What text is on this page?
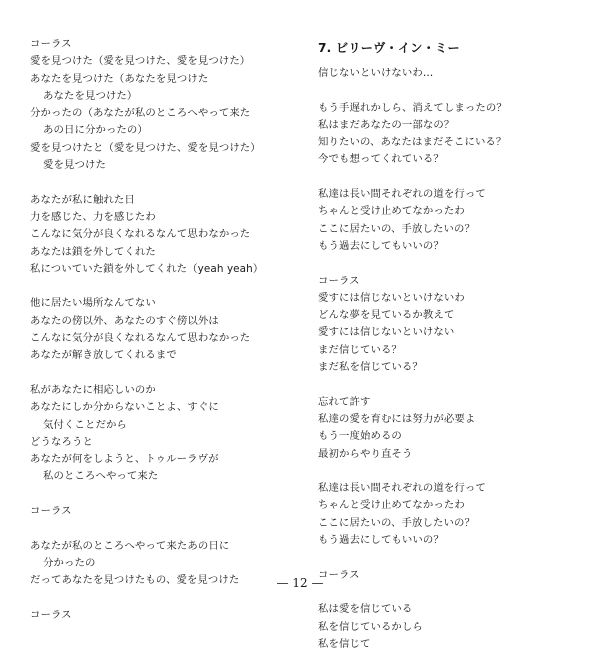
コーラス
愛を見つけた（愛を見つけた、愛を見つけた）
あなたを見つけた（あなたを見つけた
あなたを見つけた）
分かったの（あなたが私のところへやって来た
あの日に分かったの）
愛を見つけたと（愛を見つけた、愛を見つけた）
愛を見つけた
あなたが私に触れた日
力を感じた、力を感じたわ
こんなに気分が良くなれるなんて思わなかった
あなたは鎖を外してくれた
私についていた鎖を外してくれた（yeah yeah）
他に居たい場所なんてない
あなたの傍以外、あなたのすぐ傍以外は
こんなに気分が良くなれるなんて思わなかった
あなたが解き放してくれるまで
私があなたに相応しいのか
あなたにしか分からないことよ、すぐに
気付くことだから
どうなろうと
あなたが何をしようと、トゥルーラヴが
私のところへやって来た
コーラス
あなたが私のところへやって来たあの日に
分かったの
だってあなたを見つけたもの、愛を見つけた
コーラス
7. ビリーヴ・イン・ミー
信じないといけないわ…
もう手遅れかしら、消えてしまったの？
私はまだあなたの一部なの？
知りたいの、あなたはまだそこにいる？
今でも想ってくれている？
私達は長い間それぞれの道を行って
ちゃんと受け止めてなかったわ
ここに居たいの、手放したいの？
もう過去にしてもいいの？
コーラス
愛すには信じないといけないわ
どんな夢を見ているか教えて
愛すには信じないといけない
まだ信じている？
まだ私を信じている？
忘れて許す
私達の愛を育むには努力が必要よ
もう一度始めるの
最初からやり直そう
私達は長い間それぞれの道を行って
ちゃんと受け止めてなかったわ
ここに居たいの、手放したいの？
もう過去にしてもいいの？
コーラス
私は愛を信じている
私を信じているかしら
私を信じて
— 12 —
